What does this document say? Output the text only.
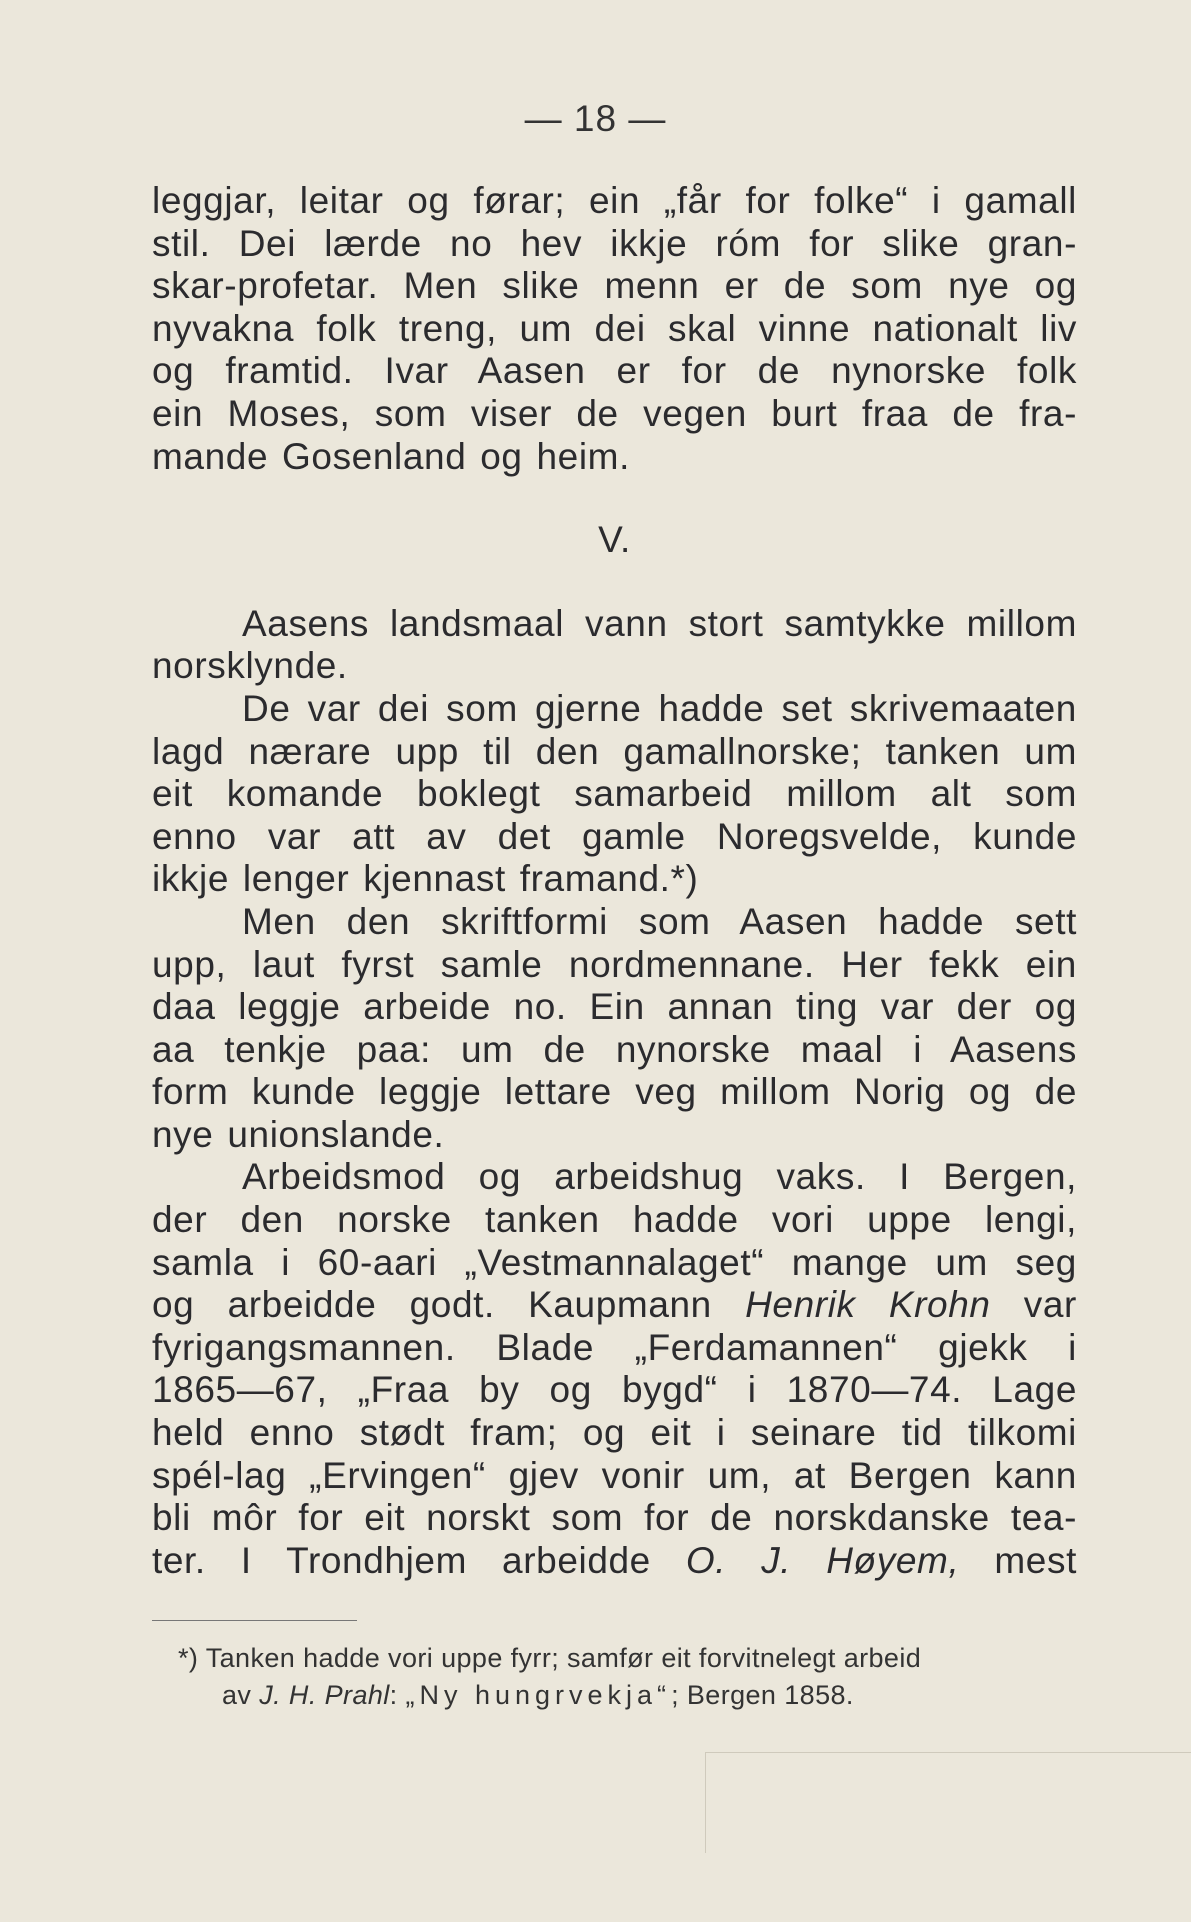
— 18 —
leggjar, leitar og førar; ein „får for folke“ i gamall
stil. Dei lærde no hev ikkje róm for slike gran-
skar-profetar. Men slike menn er de som nye og
nyvakna folk treng, um dei skal vinne nationalt liv
og framtid. Ivar Aasen er for de nynorske folk
ein Moses, som viser de vegen burt fraa de fra-
mande Gosenland og heim.
V.
Aasens landsmaal vann stort samtykke millom
norsklynde.
De var dei som gjerne hadde set skrivemaaten
lagd nærare upp til den gamallnorske; tanken um
eit komande boklegt samarbeid millom alt som
enno var att av det gamle Noregsvelde, kunde
ikkje lenger kjennast framand.*)
Men den skriftformi som Aasen hadde sett
upp, laut fyrst samle nordmennane. Her fekk ein
daa leggje arbeide no. Ein annan ting var der og
aa tenkje paa: um de nynorske maal i Aasens
form kunde leggje lettare veg millom Norig og de
nye unionslande.
Arbeidsmod og arbeidshug vaks. I Bergen,
der den norske tanken hadde vori uppe lengi,
samla i 60-aari „Vestmannalaget“ mange um seg
og arbeidde godt. Kaupmann Henrik Krohn var
fyrigangsmannen. Blade „Ferdamannen“ gjekk i
1865—67, „Fraa by og bygd“ i 1870—74. Lage
held enno stødt fram; og eit i seinare tid tilkomi
spél-lag „Ervingen“ gjev vonir um, at Bergen kann
bli môr for eit norskt som for de norskdanske tea-
ter. I Trondhjem arbeidde O. J. Høyem, mest
*) Tanken hadde vori uppe fyrr; samfør eit forvitnelegt arbeid
av J. H. Prahl: „Ny hungrvekja“; Bergen 1858.
